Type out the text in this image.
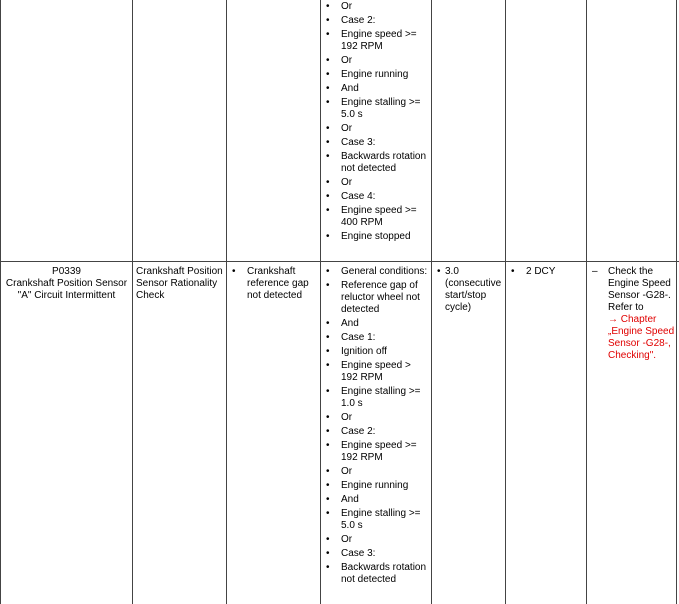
• Or
• Case 2:
• Engine speed >= 192 RPM
• Or
• Engine running
• And
• Engine stalling >= 5.0 s
• Or
• Case 3:
• Backwards rotation not detected
• Or
• Case 4:
• Engine speed >= 400 RPM
• Engine stopped
P0339
Crankshaft Position Sensor "A" Circuit Intermittent
Crankshaft Position Sensor Rationality Check
• Crankshaft reference gap not detected
• General conditions:
• Reference gap of reluctor wheel not detected
• And
• Case 1:
• Ignition off
• Engine speed > 192 RPM
• Engine stalling >= 1.0 s
• Or
• Case 2:
• Engine speed >= 192 RPM
• Or
• Engine running
• And
• Engine stalling >= 5.0 s
• Or
• Case 3:
• Backwards rotation not detected
• 3.0 (consecutive start/stop cycle)
• 2 DCY	– Check the Engine Speed Sensor -G28-. Refer to
→ Chapter „Engine Speed Sensor -G28-, Checking".
